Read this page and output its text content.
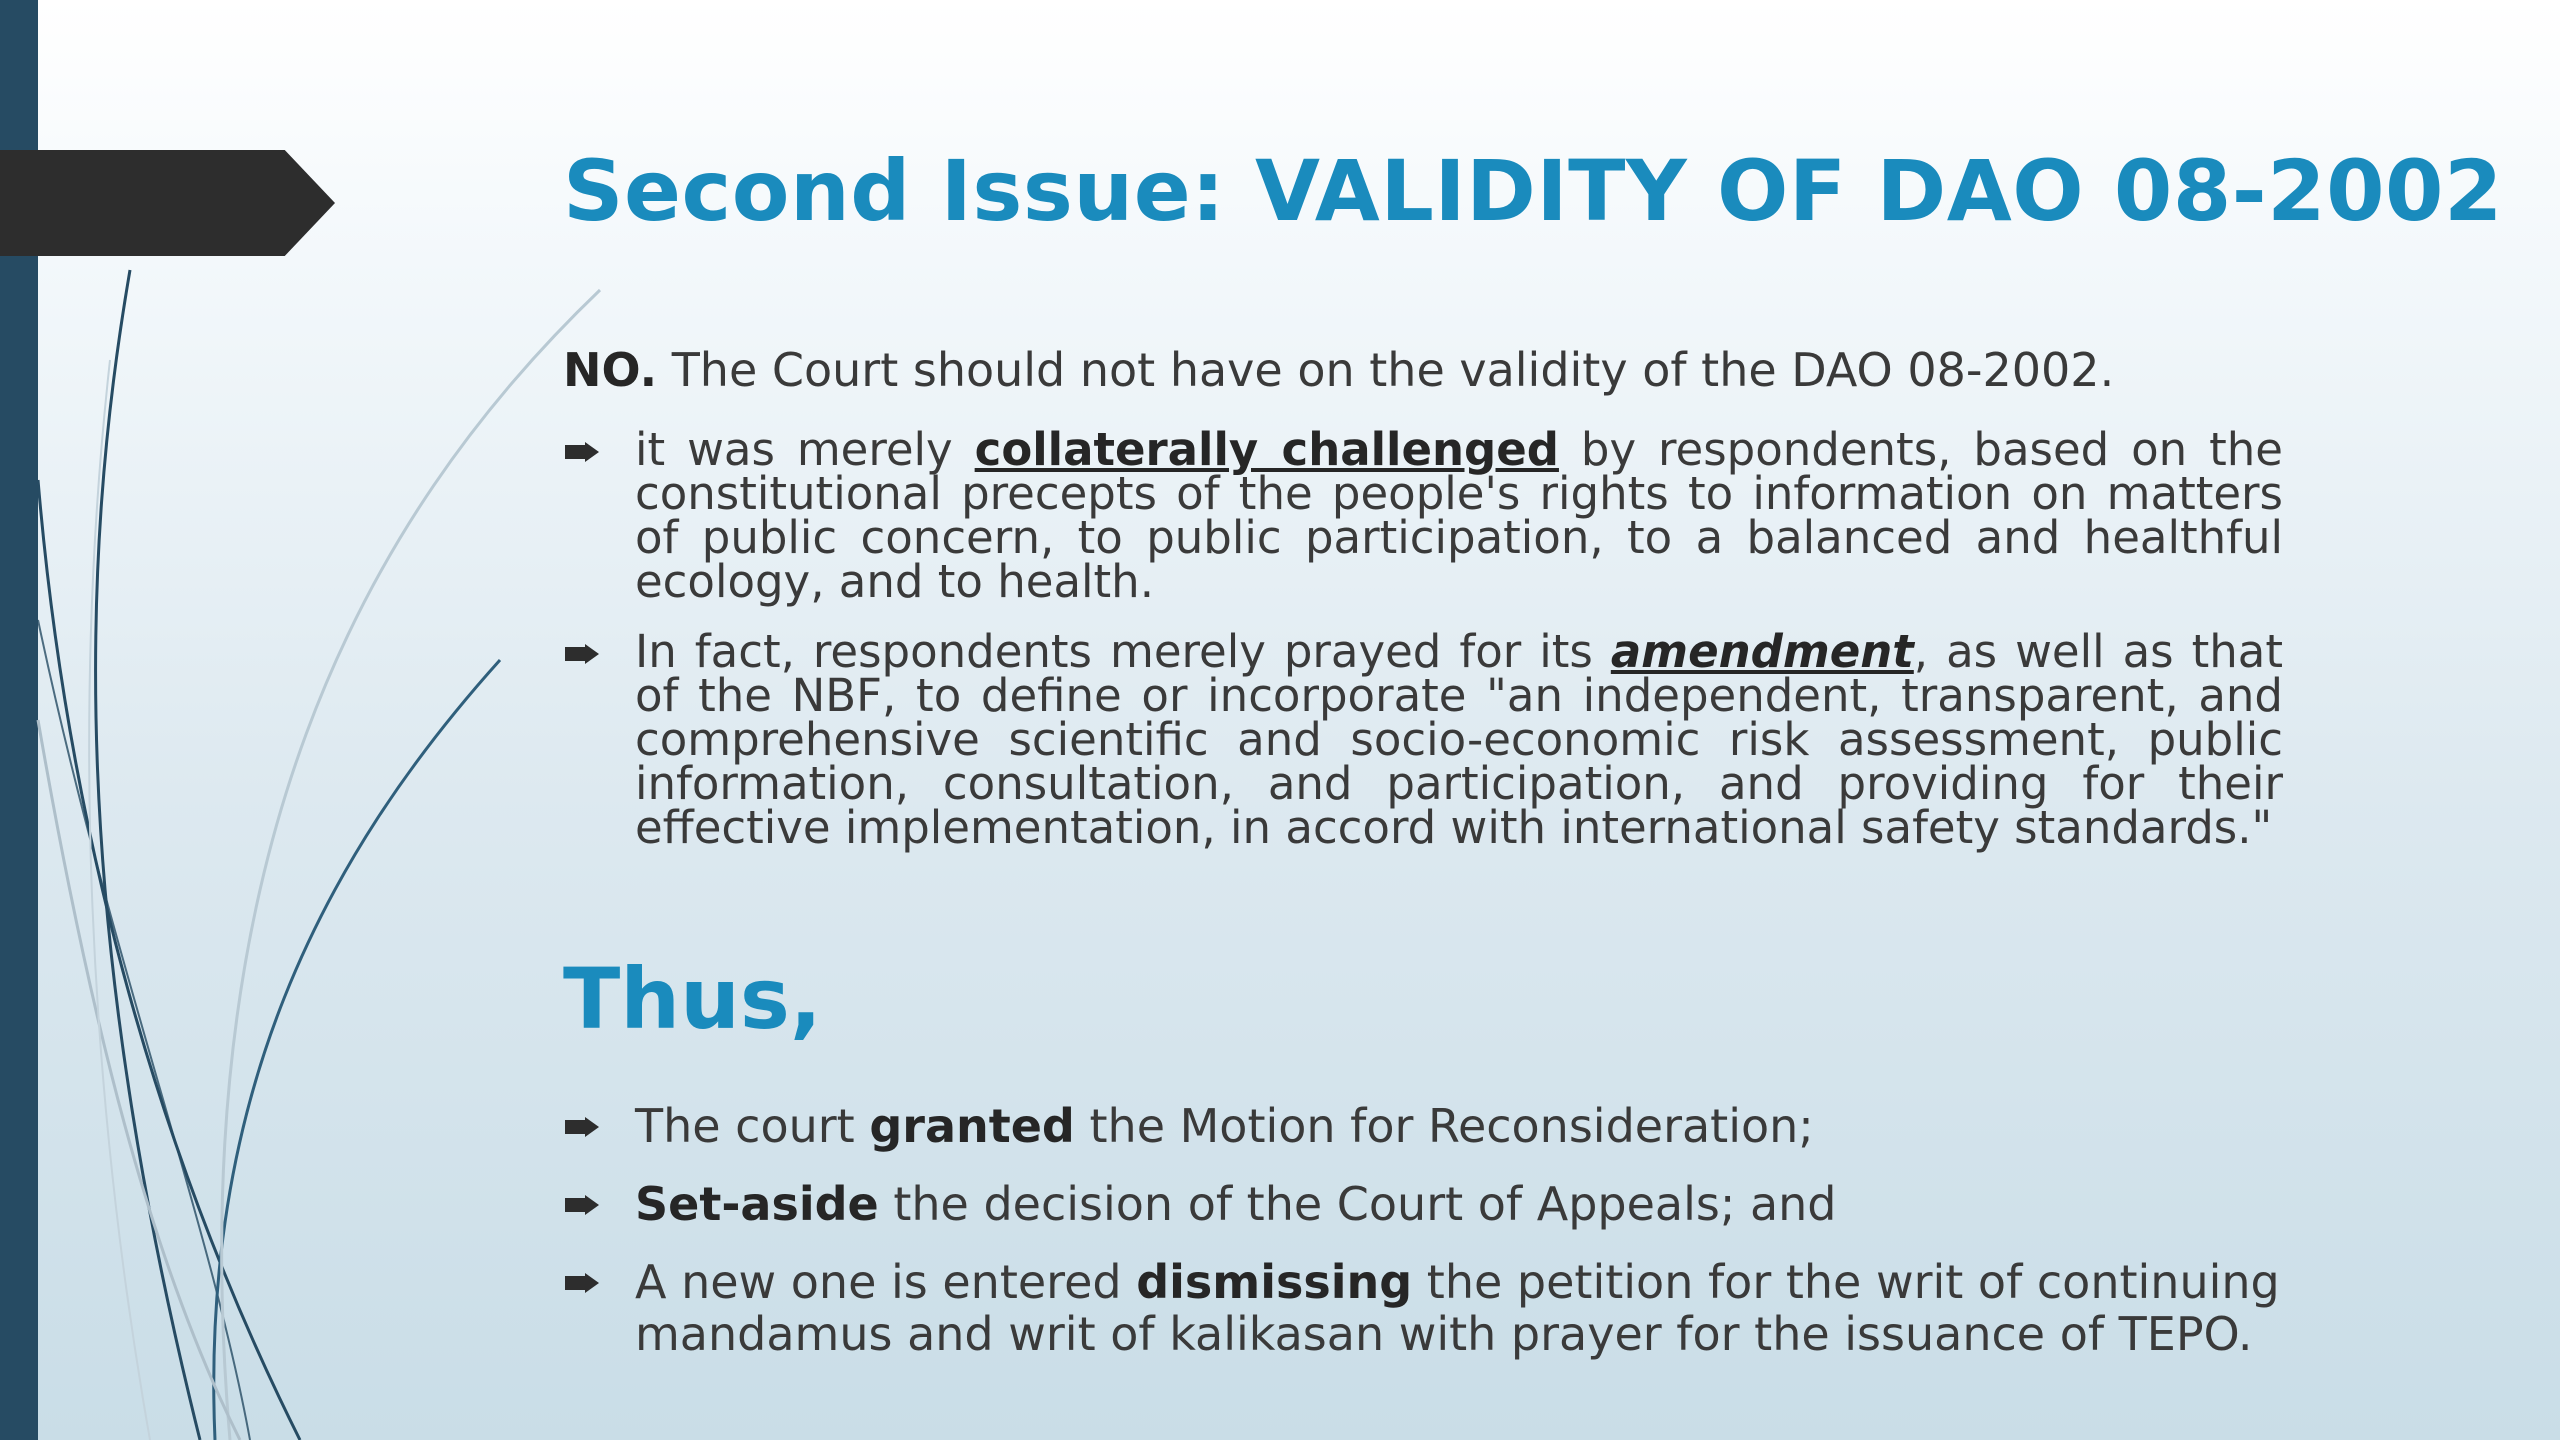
Second Issue: VALIDITY OF DAO 08-2002

NO. The Court should not have on the validity of the DAO 08-2002.

it was merely collaterally challenged by respondents, based on the constitutional precepts of the people's rights to information on matters of public concern, to public participation, to a balanced and healthful ecology, and to health.
In fact, respondents merely prayed for its amendment, as well as that of the NBF, to define or incorporate "an independent, transparent, and comprehensive scientific and socio-economic risk assessment, public information, consultation, and participation, and providing for their effective implementation, in accord with international safety standards."
Thus,
The court granted the Motion for Reconsideration;
Set-aside the decision of the Court of Appeals; and
A new one is entered dismissing the petition for the writ of continuing mandamus and writ of kalikasan with prayer for the issuance of TEPO.
